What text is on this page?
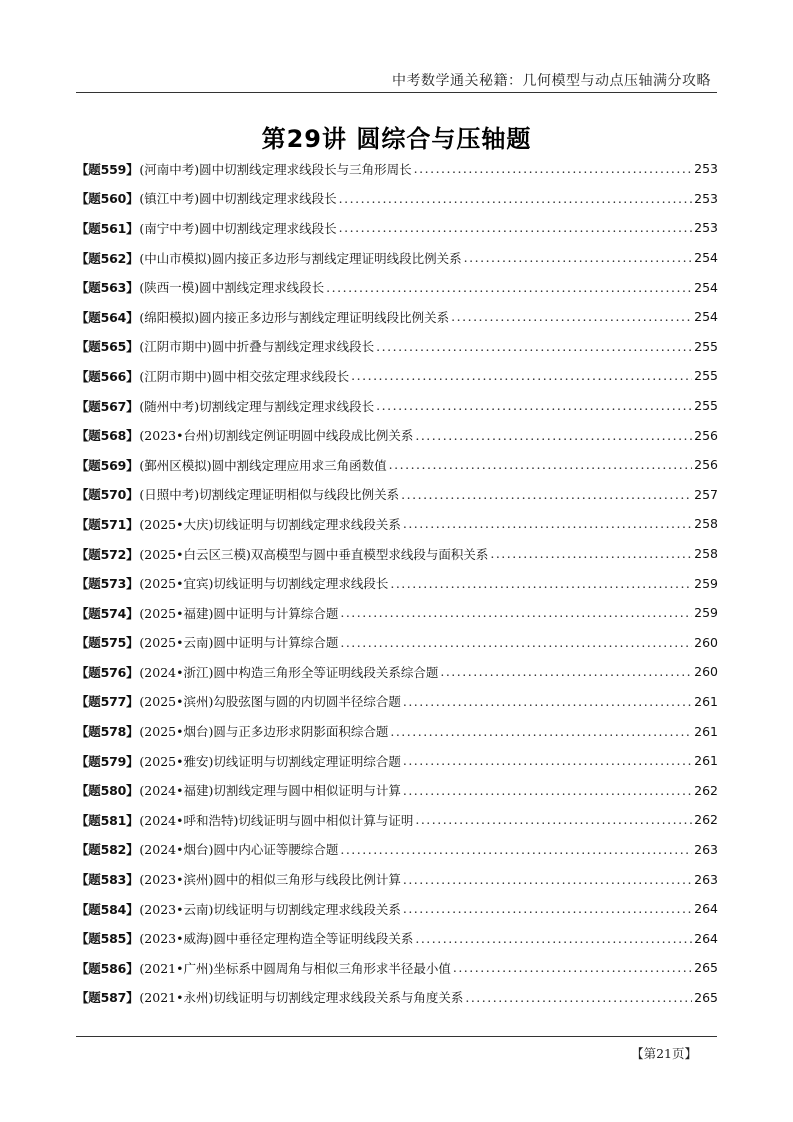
中考数学通关秘籍：几何模型与动点压轴满分攻略
第29讲 圆综合与压轴题
【题559】 (河南中考)圆中切割线定理求线段长与三角形周长 .....	253
【题560】 (镇江中考)圆中切割线定理求线段长 .....	253
【题561】 (南宁中考)圆中切割线定理求线段长 .....	253
【题562】 (中山市模拟)圆内接正多边形与割线定理证明线段比例关系 .....	254
【题563】 (陕西一模)圆中割线定理求线段长 .....	254
【题564】 (绵阳模拟)圆内接正多边形与割线定理证明线段比例关系 .....	254
【题565】 (江阴市期中)圆中折叠与割线定理求线段长 .....	255
【题566】 (江阴市期中)圆中相交弦定理求线段长 .....	255
【题567】 (随州中考)切割线定理与割线定理求线段长 .....	255
【题568】 (2023•台州)切割线定例证明圆中线段成比例关系 .....	256
【题569】 (鄞州区模拟)圆中割线定理应用求三角函数值 .....	256
【题570】 (日照中考)切割线定理证明相似与线段比例关系 .....	257
【题571】 (2025•大庆)切线证明与切割线定理求线段关系 .....	258
【题572】 (2025•白云区三模)双高模型与圆中垂直模型求线段与面积关系 .....	258
【题573】 (2025•宜宾)切线证明与切割线定理求线段长 .....	259
【题574】 (2025•福建)圆中证明与计算综合题 .....	259
【题575】 (2025•云南)圆中证明与计算综合题 .....	260
【题576】 (2024•浙江)圆中构造三角形全等证明线段关系综合题 .....	260
【题577】 (2025•滨州)勾股弦图与圆的内切圆半径综合题 .....	261
【题578】 (2025•烟台)圆与正多边形求阴影面积综合题 .....	261
【题579】 (2025•雅安)切线证明与切割线定理证明综合题 .....	261
【题580】 (2024•福建)切割线定理与圆中相似证明与计算 .....	262
【题581】 (2024•呼和浩特)切线证明与圆中相似计算与证明 .....	262
【题582】 (2024•烟台)圆中内心证等腰综合题 .....	263
【题583】 (2023•滨州)圆中的相似三角形与线段比例计算 .....	263
【题584】 (2023•云南)切线证明与切割线定理求线段关系 .....	264
【题585】 (2023•威海)圆中垂径定理构造全等证明线段关系 .....	264
【题586】 (2021•广州)坐标系中圆周角与相似三角形求半径最小值 .....	265
【题587】 (2021•永州)切线证明与切割线定理求线段关系与角度关系 .....	265
【第21页】
